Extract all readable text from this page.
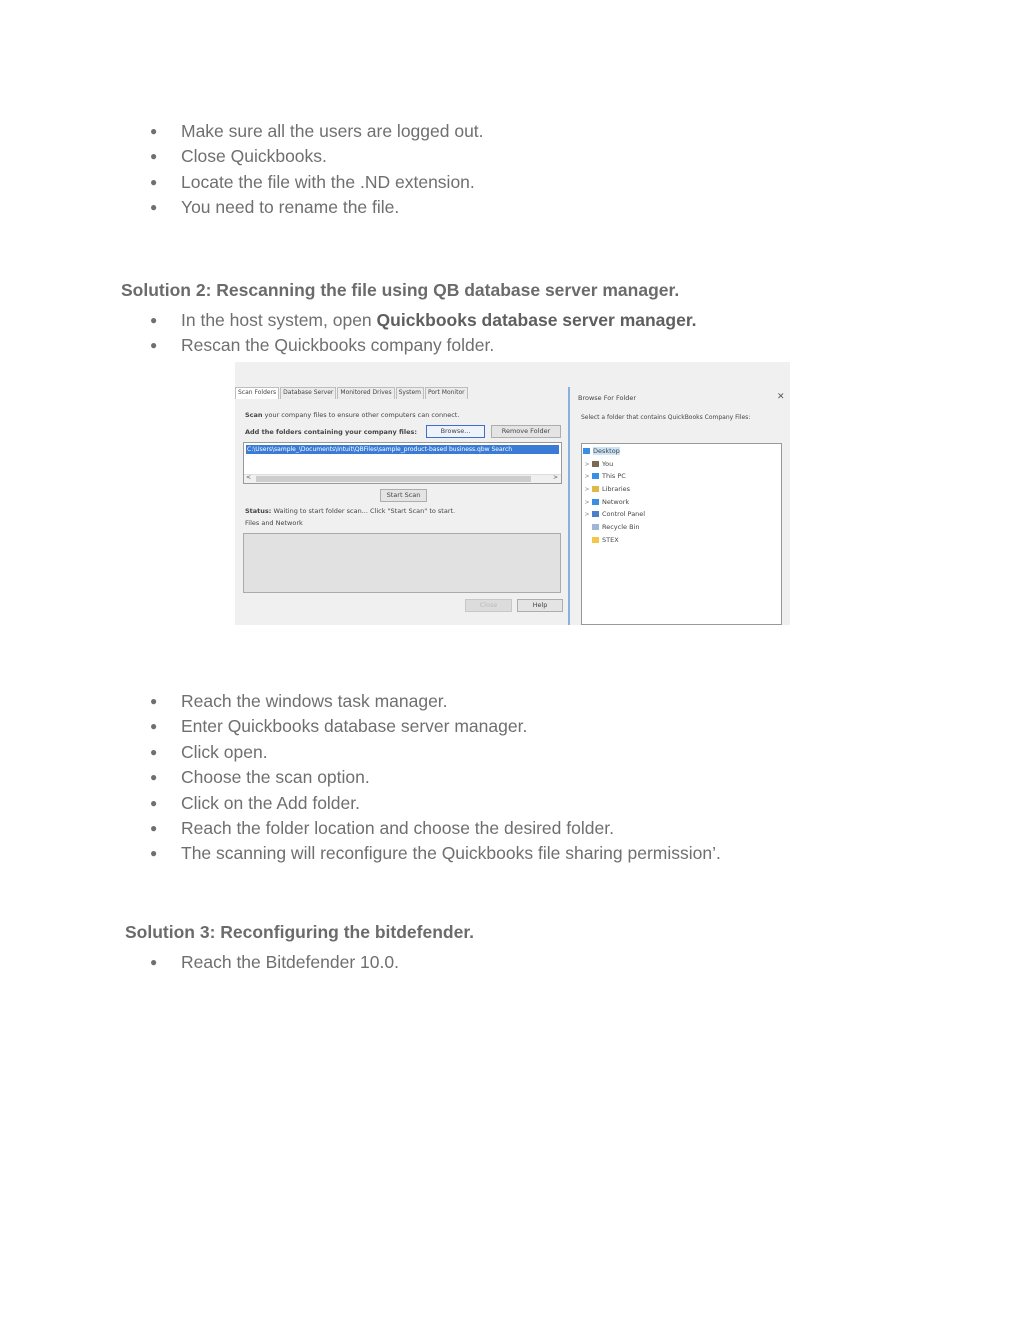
● Make sure all the users are logged out.
● Close Quickbooks.
● Locate the file with the .ND extension.
● You need to rename the file.
Solution 2: Rescanning the file using QB database server manager.
● In the host system, open Quickbooks database server manager.
● Rescan the Quickbooks company folder.
Scan Folders	Database Server	Monitored Drives	System	Port Monitor
Scan your company files to ensure other computers can connect.
Add the folders containing your company files:	Browse...	Remove Folder
C:\Users\sample_\Documents\Intuit\QBFiles\sample_product-based business.qbw Search
<	>
Start Scan
Status: Waiting to start folder scan... Click "Start Scan" to start.
Files and Network
Close	Help
Browse For Folder	✕
Select a folder that contains QuickBooks Company Files:
Desktop
> You
> This PC
> Libraries
> Network
> Control Panel
Recycle Bin
STEX
● Reach the windows task manager.
● Enter Quickbooks database server manager.
● Click open.
● Choose the scan option.
● Click on the Add folder.
● Reach the folder location and choose the desired folder.
● The scanning will reconfigure the Quickbooks file sharing permission’.
Solution 3: Reconfiguring the bitdefender.
● Reach the Bitdefender 10.0.
